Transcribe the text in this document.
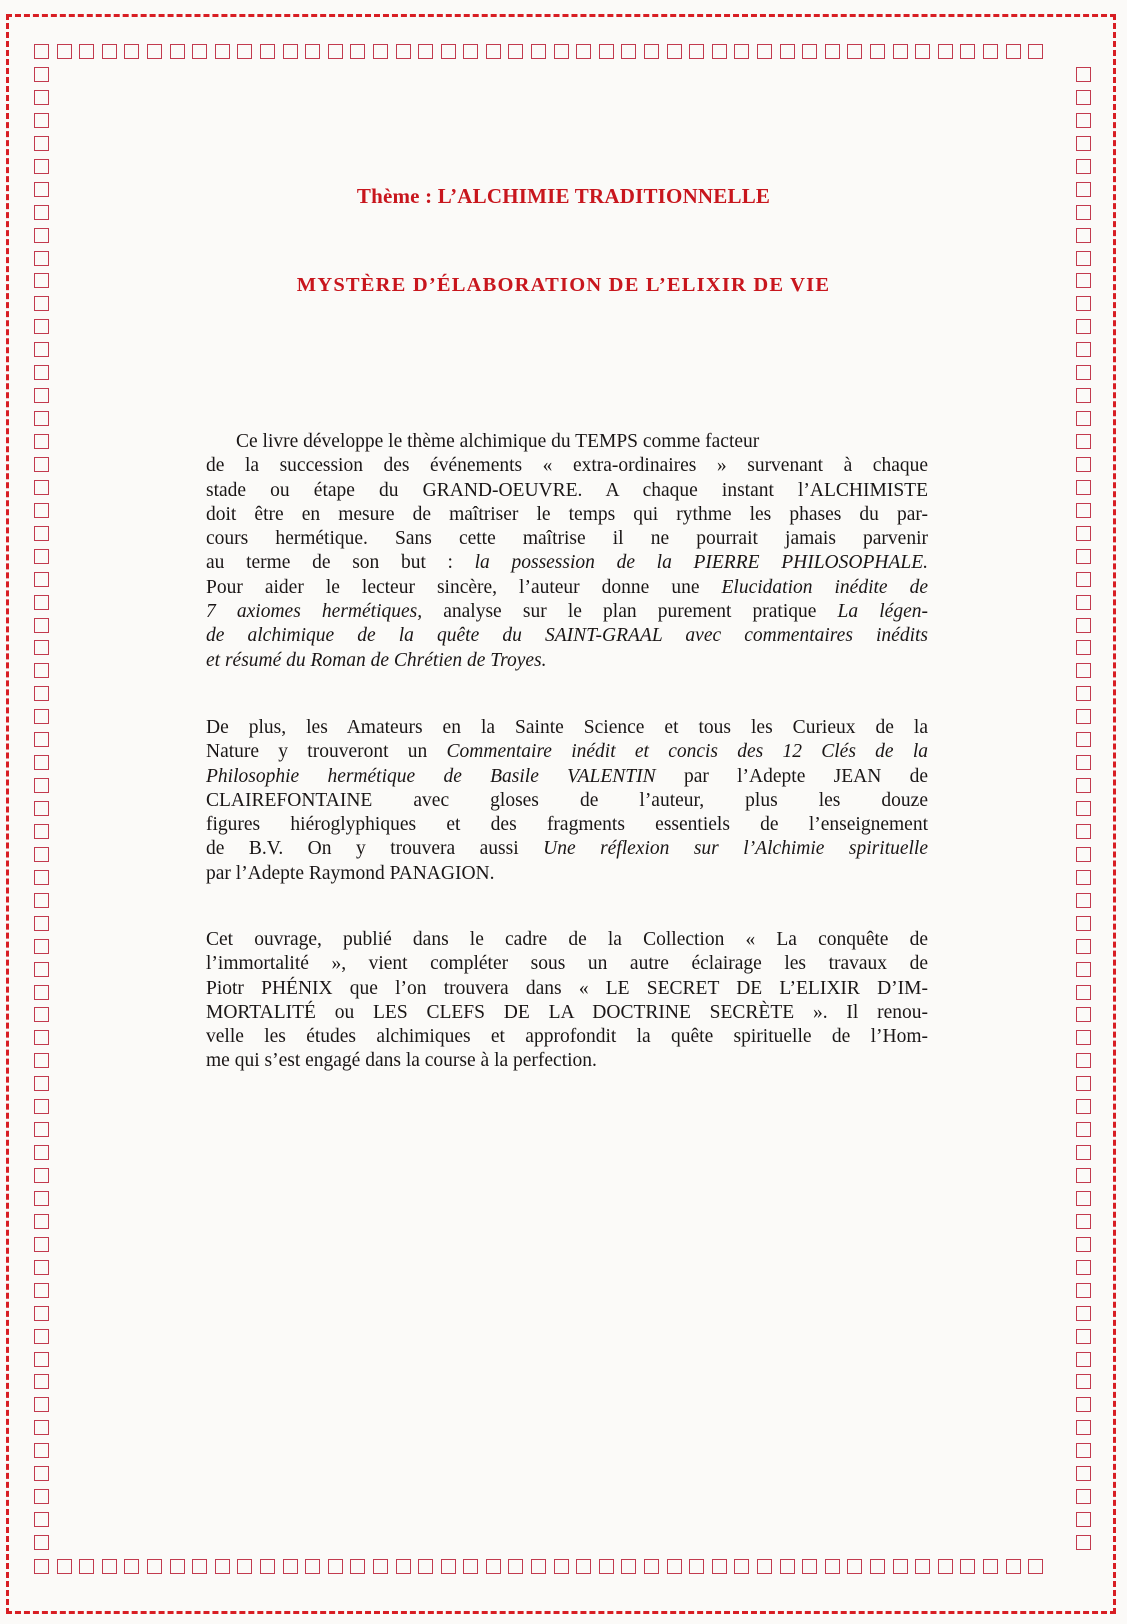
Thème : L’ALCHIMIE TRADITIONNELLE
MYSTÈRE D’ÉLABORATION DE L’ELIXIR DE VIE
Ce livre développe le thème alchimique du TEMPS comme facteur
de la succession des événements « extra-ordinaires » survenant à chaque
stade ou étape du GRAND-OEUVRE. A chaque instant l’ALCHIMISTE
doit être en mesure de maîtriser le temps qui rythme les phases du par-
cours hermétique. Sans cette maîtrise il ne pourrait jamais parvenir
au terme de son but : la possession de la PIERRE PHILOSOPHALE.
Pour aider le lecteur sincère, l’auteur donne une Elucidation inédite de
7 axiomes hermétiques, analyse sur le plan purement pratique La légen-
de alchimique de la quête du SAINT-GRAAL avec commentaires inédits
et résumé du Roman de Chrétien de Troyes.
De plus, les Amateurs en la Sainte Science et tous les Curieux de la
Nature y trouveront un Commentaire inédit et concis des 12 Clés de la
Philosophie hermétique de Basile VALENTIN par l’Adepte JEAN de
CLAIREFONTAINE avec gloses de l’auteur, plus les douze
figures hiéroglyphiques et des fragments essentiels de l’enseignement
de B.V. On y trouvera aussi Une réflexion sur l’Alchimie spirituelle
par l’Adepte Raymond PANAGION.
Cet ouvrage, publié dans le cadre de la Collection « La conquête de
l’immortalité », vient compléter sous un autre éclairage les travaux de
Piotr PHÉNIX que l’on trouvera dans « LE SECRET DE L’ELIXIR D’IM-
MORTALITÉ ou LES CLEFS DE LA DOCTRINE SECRÈTE ». Il renou-
velle les études alchimiques et approfondit la quête spirituelle de l’Hom-
me qui s’est engagé dans la course à la perfection.
